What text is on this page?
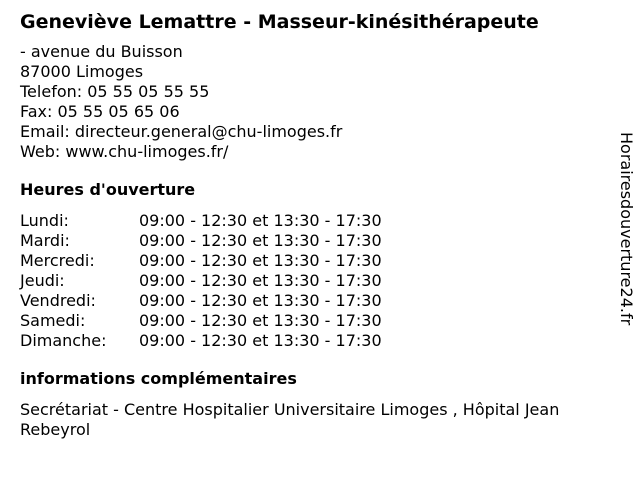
Geneviève Lemattre - Masseur-kinésithérapeute
- avenue du Buisson
87000 Limoges
Telefon: 05 55 05 55 55
Fax: 05 55 05 65 06
Email: directeur.general@chu-limoges.fr
Web: www.chu-limoges.fr/
Heures d'ouverture
Lundi:	09:00 - 12:30 et 13:30 - 17:30
Mardi:	09:00 - 12:30 et 13:30 - 17:30
Mercredi:	09:00 - 12:30 et 13:30 - 17:30
Jeudi:	09:00 - 12:30 et 13:30 - 17:30
Vendredi:	09:00 - 12:30 et 13:30 - 17:30
Samedi:	09:00 - 12:30 et 13:30 - 17:30
Dimanche:	09:00 - 12:30 et 13:30 - 17:30
informations complémentaires
Secrétariat - Centre Hospitalier Universitaire Limoges , Hôpital Jean Rebeyrol
Horairesdouverture24.fr
